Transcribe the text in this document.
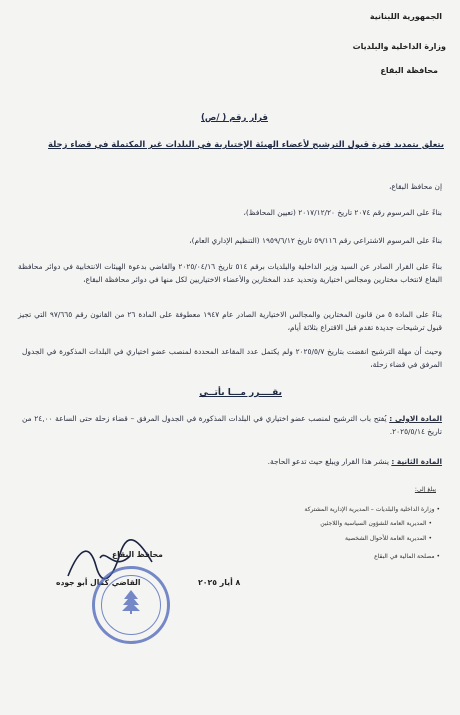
الجمهورية اللبنانية
وزارة الداخلية والبلديات
محافظة البقاع
قرار رقم ( /ص)
يتعلق بتمديد فترة قبول الترشيح لأعضاء الهيئة الإختيارية في البلدات غير المكتملة في قضاء زحلة
إن محافظ البقاع،
بناءً على المرسوم رقم ٢٠٧٤ تاريخ ٢٠١٧/١٢/٢٠ (تعيين المحافظ)،
بناءً على المرسوم الاشتراعي رقم ٥٩/١١٦ تاريخ ١٩٥٩/٦/١٢ (التنظيم الإداري العام)،
بناءً على القرار الصادر عن السيد وزير الداخلية والبلديات برقم ٥١٤ تاريخ ٢٠٢٥/٠٤/١٦ والقاضي بدعوة الهيئات الانتخابية في دوائر محافظة البقاع لانتخاب مختارين ومجالس اختيارية وتحديد عدد المختارين والأعضاء الاختياريين لكل منها في دوائر محافظة البقاع،
بناءً على المادة ٥ من قانون المختارين والمجالس الاختيارية الصادر عام ١٩٤٧ معطوفة على المادة ٢٦ من القانون رقم ٩٧/٦٦٥ التي تجيز قبول ترشيحات جديدة تقدم قبل الاقتراع بثلاثة أيام،
وحيث أن مهلة الترشيح انقضت بتاريخ ٢٠٢٥/٥/٧ ولم يكتمل عدد المقاعد المحددة لمنصب عضو اختياري في البلدات المذكورة في الجدول المرفق في قضاء زحلة،
يقــــرر مـــا يأتــي
المادة الاولى : يُفتح باب الترشيح لمنصب عضو اختياري في البلدات المذكورة في الجدول المرفق – قضاء زحلة حتى الساعة ٢٤,٠٠ من تاريخ ٢٠٢٥/٥/١٤.
المادة الثانية : ينشر هذا القرار ويبلغ حيث تدعو الحاجة.
يبلغ إلى:
• وزارة الداخلية والبلديات – المديرية الإدارية المشتركة
• المديرية العامة للشؤون السياسية واللاجئين
• المديرية العامة للأحوال الشخصية
• مصلحة المالية في البقاع
محافظ البقاع
القاضي كمال أبو جوده	٨ أيار ٢٠٢٥
